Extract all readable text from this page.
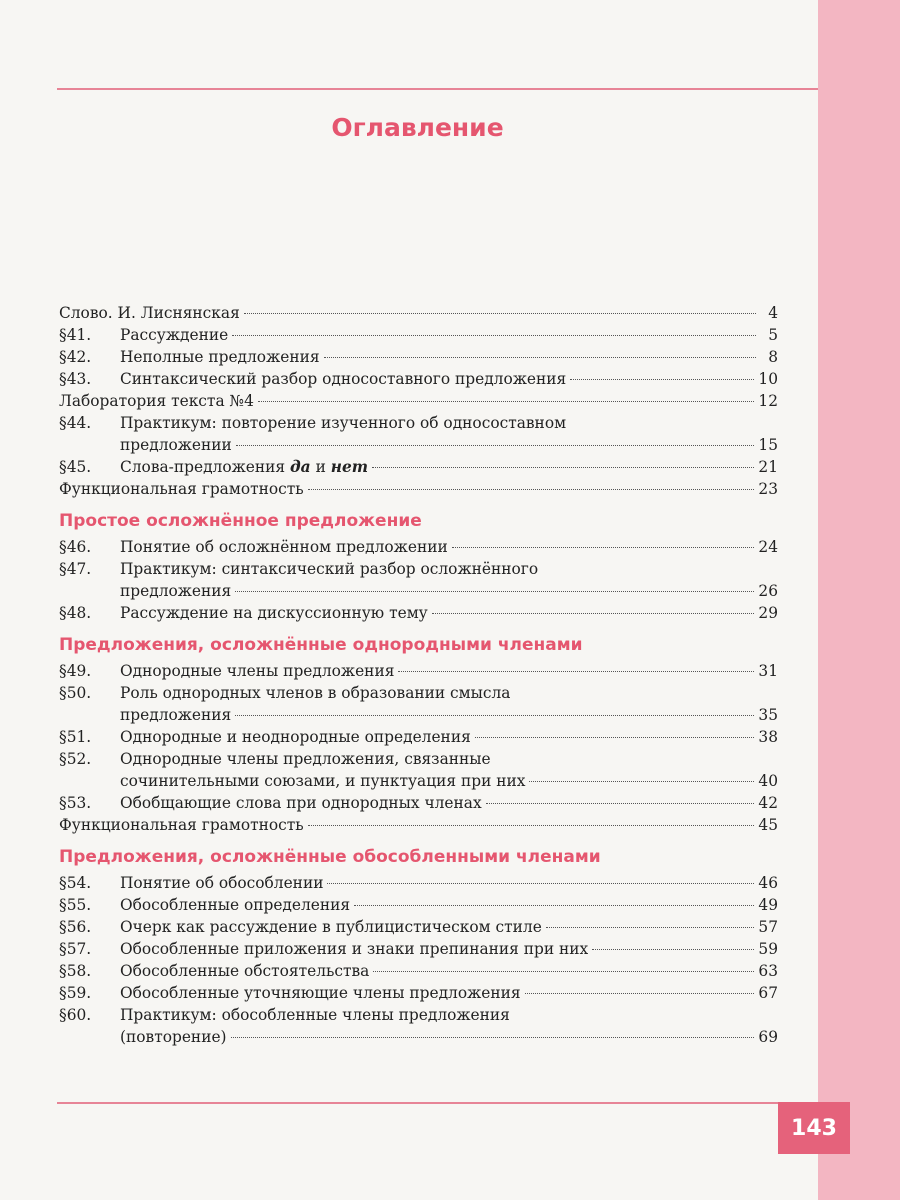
143
Оглавление
Слово. И. Лиснянская	4
§41.	Рассуждение	5
§42.	Неполные предложения	8
§43.	Синтаксический разбор односоставного предложения	10
Лаборатория текста №4	12
§44.	Практикум: повторение изученного об односоставном
предложении	15
§45.	Слова-предложения да и нет	21
Функциональная грамотность	23
Простое осложнённое предложение
§46.	Понятие об осложнённом предложении	24
§47.	Практикум: синтаксический разбор осложнённого
предложения	26
§48.	Рассуждение на дискуссионную тему	29
Предложения, осложнённые однородными членами
§49.	Однородные члены предложения	31
§50.	Роль однородных членов в образовании смысла
предложения	35
§51.	Однородные и неоднородные определения	38
§52.	Однородные члены предложения, связанные
сочинительными союзами, и пунктуация при них	40
§53.	Обобщающие слова при однородных членах	42
Функциональная грамотность	45
Предложения, осложнённые обособленными членами
§54.	Понятие об обособлении	46
§55.	Обособленные определения	49
§56.	Очерк как рассуждение в публицистическом стиле	57
§57.	Обособленные приложения и знаки препинания при них	59
§58.	Обособленные обстоятельства	63
§59.	Обособленные уточняющие члены предложения	67
§60.	Практикум: обособленные члены предложения
(повторение)	69
